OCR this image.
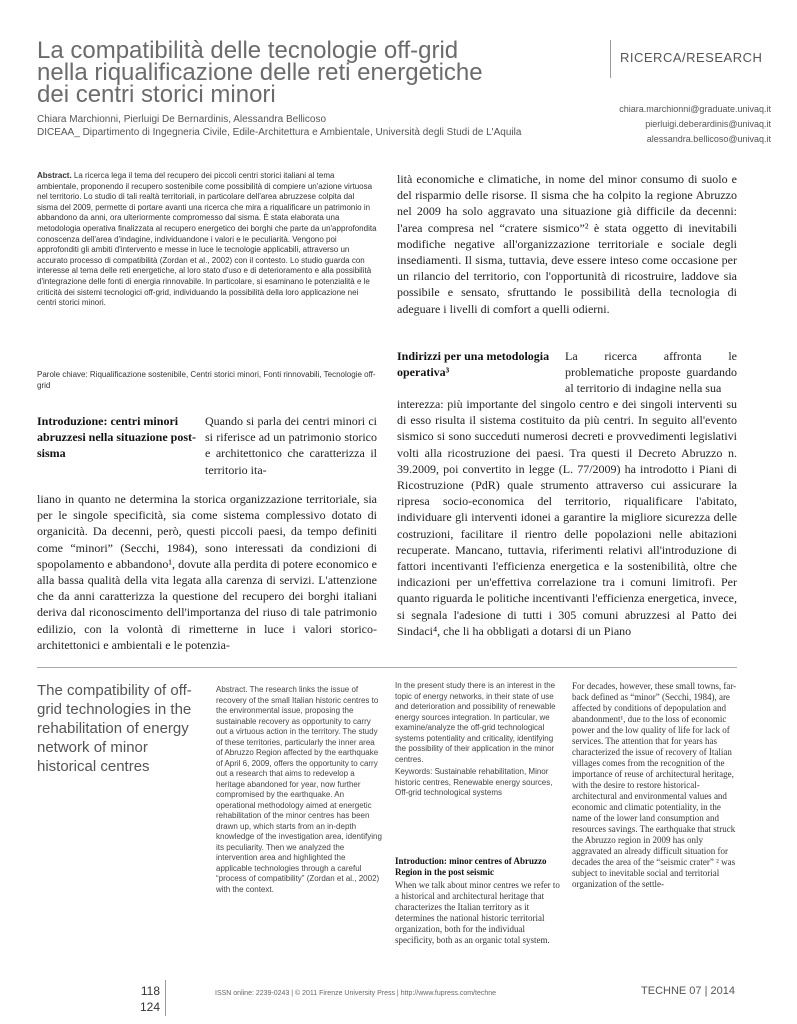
La compatibilità delle tecnologie off-grid
nella riqualificazione delle reti energetiche
dei centri storici minori
RICERCA/RESEARCH
Chiara Marchionni, Pierluigi De Bernardinis, Alessandra Bellicoso
DICEAA_ Dipartimento di Ingegneria Civile, Edile-Architettura e Ambientale, Università degli Studi de L'Aquila
chiara.marchionni@graduate.univaq.it
pierluigi.deberardinis@univaq.it
alessandra.bellicoso@univaq.it
Abstract. La ricerca lega il tema del recupero dei piccoli centri storici italiani al tema ambientale, proponendo il recupero sostenibile come possibilità di compiere un'azione virtuosa nel territorio. Lo studio di tali realtà territoriali, in particolare dell'area abruzzese colpita dal sisma del 2009, permette di portare avanti una ricerca che mira a riqualificare un patrimonio in abbandono da anni, ora ulteriormente compromesso dal sisma. È stata elaborata una metodologia operativa finalizzata al recupero energetico dei borghi che parte da un'approfondita conoscenza dell'area d'indagine, individuandone i valori e le peculiarità. Vengono poi approfonditi gli ambiti d'intervento e messe in luce le tecnologie applicabili, attraverso un accurato processo di compatibilità (Zordan et al., 2002) con il contesto. Lo studio guarda con interesse al tema delle reti energetiche, al loro stato d'uso e di deterioramento e alla possibilità d'integrazione delle fonti di energia rinnovabile. In particolare, si esaminano le potenzialità e le criticità dei sistemi tecnologici off-grid, individuando la possibilità della loro applicazione nei centri storici minori.
Parole chiave: Riqualificazione sostenibile, Centri storici minori, Fonti rinnovabili, Tecnologie off-grid
Introduzione: centri minori abruzzesi nella situazione post-sisma
Quando si parla dei centri minori ci si riferisce ad un patrimonio storico e architettonico che caratterizza il territorio ita-
liano in quanto ne determina la storica organizzazione territoriale, sia per le singole specificità, sia come sistema complessivo dotato di organicità. Da decenni, però, questi piccoli paesi, da tempo definiti come “minori” (Secchi, 1984), sono interessati da condizioni di spopolamento e abbandono¹, dovute alla perdita di potere economico e alla bassa qualità della vita legata alla carenza di servizi. L'attenzione che da anni caratterizza la questione del recupero dei borghi italiani deriva dal riconoscimento dell'importanza del riuso di tale patrimonio edilizio, con la volontà di rimetterne in luce i valori storico-architettonici e ambientali e le potenzia-
lità economiche e climatiche, in nome del minor consumo di suolo e del risparmio delle risorse. Il sisma che ha colpito la regione Abruzzo nel 2009 ha solo aggravato una situazione già difficile da decenni: l'area compresa nel “cratere sismico”² è stata oggetto di inevitabili modifiche negative all'organizzazione territoriale e sociale degli insediamenti. Il sisma, tuttavia, deve essere inteso come occasione per un rilancio del territorio, con l'opportunità di ricostruire, laddove sia possibile e sensato, sfruttando le possibilità della tecnologia di adeguare i livelli di comfort a quelli odierni.
Indirizzi per una metodologia operativa³
La ricerca affronta le problematiche proposte guardando al territorio di indagine nella sua
interezza: più importante del singolo centro e dei singoli interventi su di esso risulta il sistema costituito da più centri. In seguito all'evento sismico si sono succeduti numerosi decreti e provvedimenti legislativi volti alla ricostruzione dei paesi. Tra questi il Decreto Abruzzo n. 39.2009, poi convertito in legge (L. 77/2009) ha introdotto i Piani di Ricostruzione (PdR) quale strumento attraverso cui assicurare la ripresa socio-economica del territorio, riqualificare l'abitato, individuare gli interventi idonei a garantire la migliore sicurezza delle costruzioni, facilitare il rientro delle popolazioni nelle abitazioni recuperate. Mancano, tuttavia, riferimenti relativi all'introduzione di fattori incentivanti l'efficienza energetica e la sostenibilità, oltre che indicazioni per un'effettiva correlazione tra i comuni limitrofi. Per quanto riguarda le politiche incentivanti l'efficienza energetica, invece, si segnala l'adesione di tutti i 305 comuni abruzzesi al Patto dei Sindaci⁴, che li ha obbligati a dotarsi di un Piano
The compatibility of off-grid technologies in the rehabilitation of energy network of minor historical centres
Abstract. The research links the issue of recovery of the small Italian historic centres to the environmental issue, proposing the sustainable recovery as opportunity to carry out a virtuous action in the territory. The study of these territories, particularly the inner area of Abruzzo Region affected by the earthquake of April 6, 2009, offers the opportunity to carry out a research that aims to redevelop a heritage abandoned for year, now further compromised by the earthquake. An operational methodology aimed at energetic rehabilitation of the minor centres has been drawn up, which starts from an in-depth knowledge of the investigation area, identifying its peculiarity. Then we analyzed the intervention area and highlighted the applicable technologies through a careful “process of compatibility” (Zordan et al., 2002) with the context.
In the present study there is an interest in the topic of energy networks, in their state of use and deterioration and possibility of renewable energy sources integration. In particular, we examine/analyze the off-grid technological systems potentiality and criticality, identifying the possibility of their application in the minor centres.
Keywords: Sustainable rehabilitation, Minor historic centres, Renewable energy sources, Off-grid technological systems
Introduction: minor centres of Abruzzo Region in the post seismic
When we talk about minor centres we refer to a historical and architectural heritage that characterizes the Italian territory as it determines the national historic territorial organization, both for the individual specificity, both as an organic total system.
For decades, however, these small towns, far-back defined as “minor” (Secchi, 1984), are affected by conditions of depopulation and abandonment¹, due to the loss of economic power and the low quality of life for lack of services. The attention that for years has characterized the issue of recovery of Italian villages comes from the recognition of the importance of reuse of architectural heritage, with the desire to restore historical-architectural and environmental values and economic and climatic potentiality, in the name of the lower land consumption and resources savings. The earthquake that struck the Abruzzo region in 2009 has only aggravated an already difficult situation for decades the area of the “seismic crater” ² was subject to inevitable social and territorial organization of the settle-
118
124
ISSN online: 2239-0243 | © 2011 Firenze University Press | http://www.fupress.com/techne	TECHNE 07 | 2014
